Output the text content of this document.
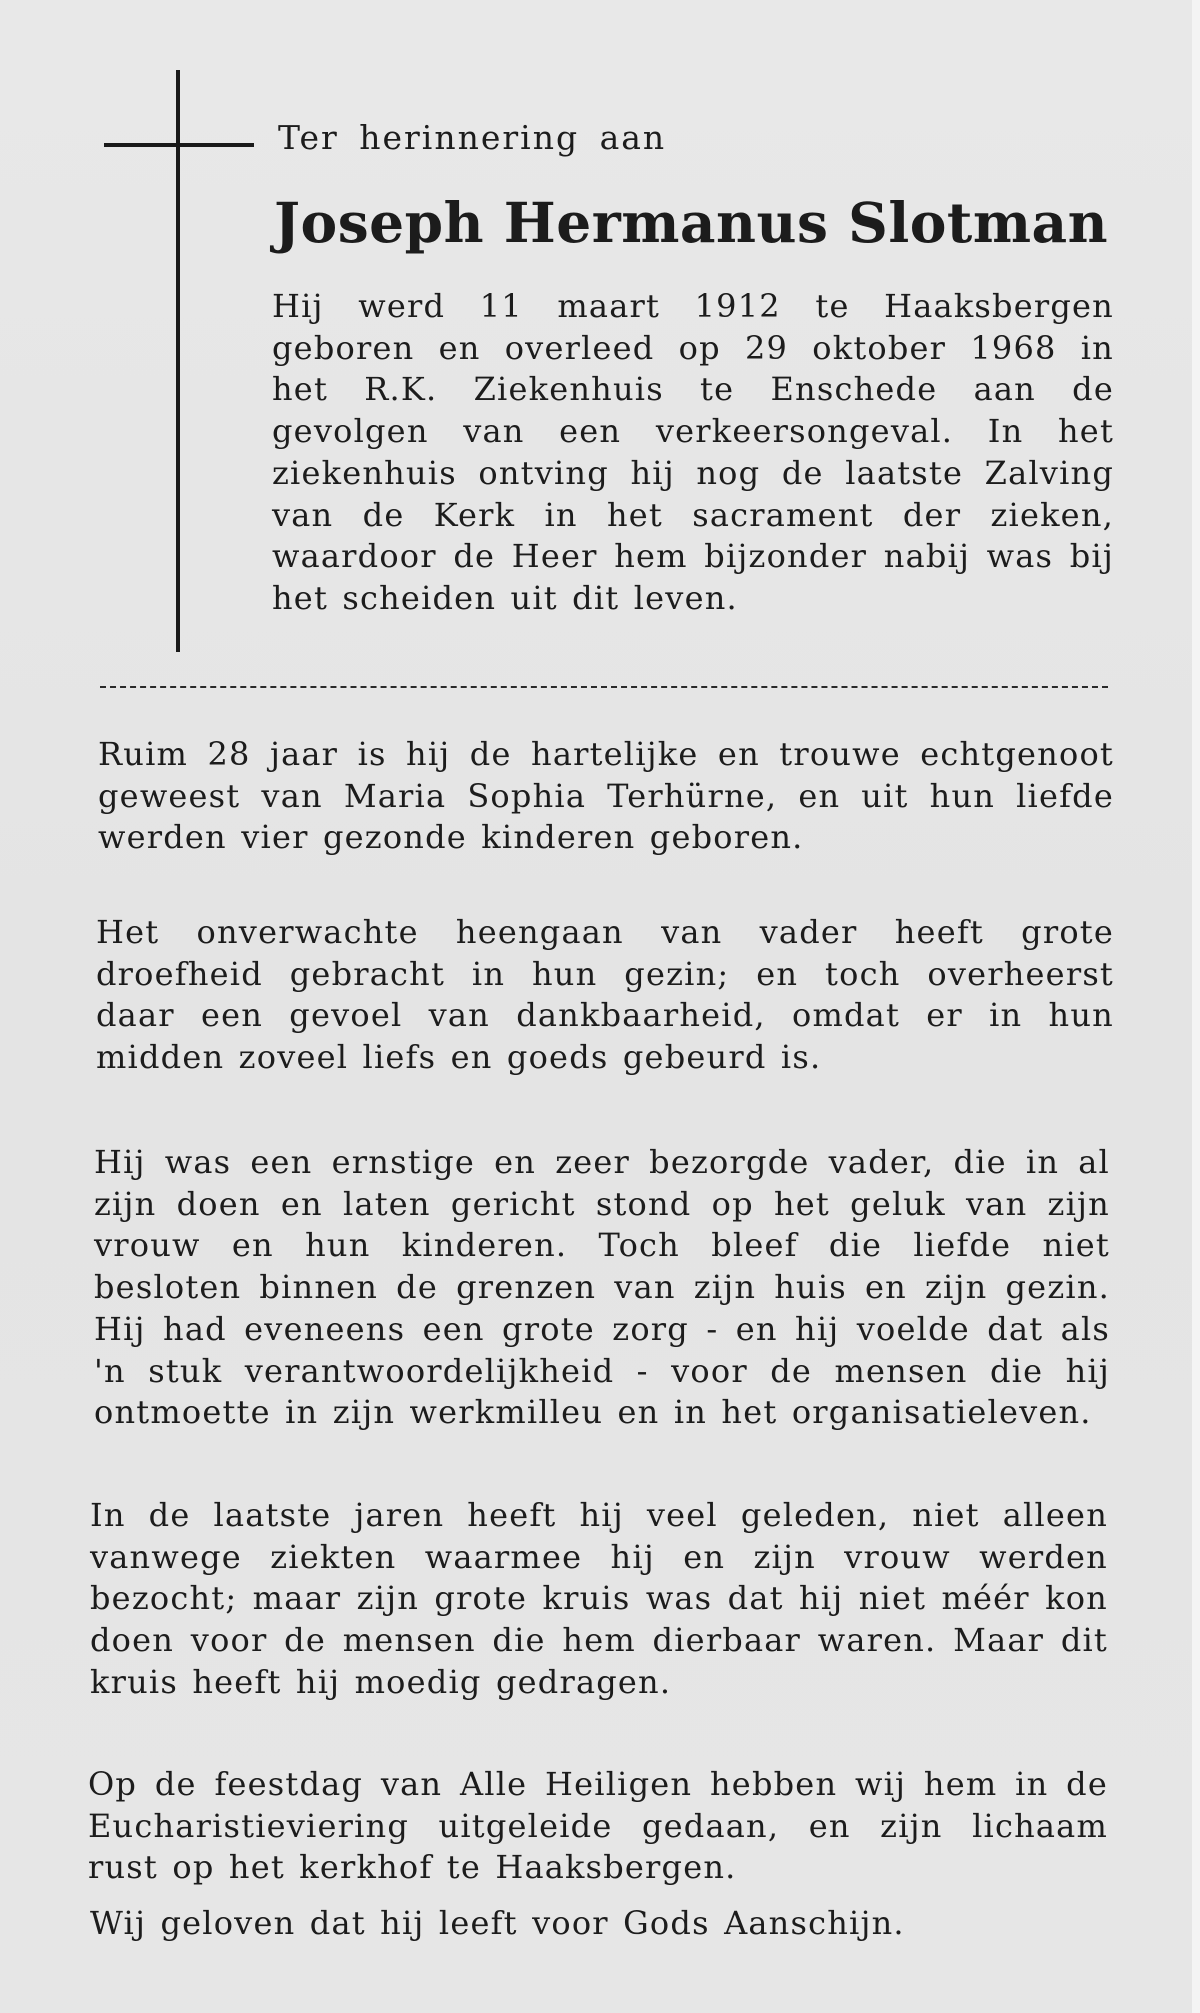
Ter herinnering aan
Joseph Hermanus Slotman

Hij werd 11 maart 1912 te Haaksbergen geboren en overleed op 29 oktober 1968 in het R.K. Ziekenhuis te Enschede aan de gevolgen van een verkeersongeval. In het ziekenhuis ontving hij nog de laatste Zalving van de Kerk in het sacrament der zieken, waardoor de Heer hem bijzonder nabij was bij het scheiden uit dit leven.

Ruim 28 jaar is hij de hartelijke en trouwe echtgenoot geweest van Maria Sophia Terhürne, en uit hun liefde werden vier gezonde kinderen geboren.

Het onverwachte heengaan van vader heeft grote droefheid gebracht in hun gezin; en toch overheerst daar een gevoel van dankbaarheid, omdat er in hun midden zoveel liefs en goeds gebeurd is.

Hij was een ernstige en zeer bezorgde vader, die in al zijn doen en laten gericht stond op het geluk van zijn vrouw en hun kinderen. Toch bleef die liefde niet besloten binnen de grenzen van zijn huis en zijn gezin. Hij had eveneens een grote zorg - en hij voelde dat als 'n stuk verantwoordelijkheid - voor de mensen die hij ontmoette in zijn werkmilleu en in het organisatieleven.

In de laatste jaren heeft hij veel geleden, niet alleen vanwege ziekten waarmee hij en zijn vrouw werden bezocht; maar zijn grote kruis was dat hij niet méér kon doen voor de mensen die hem dierbaar waren. Maar dit kruis heeft hij moedig gedragen.

Op de feestdag van Alle Heiligen hebben wij hem in de Eucharistieviering uitgeleide gedaan, en zijn lichaam rust op het kerkhof te Haaksbergen.

Wij geloven dat hij leeft voor Gods Aanschijn.
